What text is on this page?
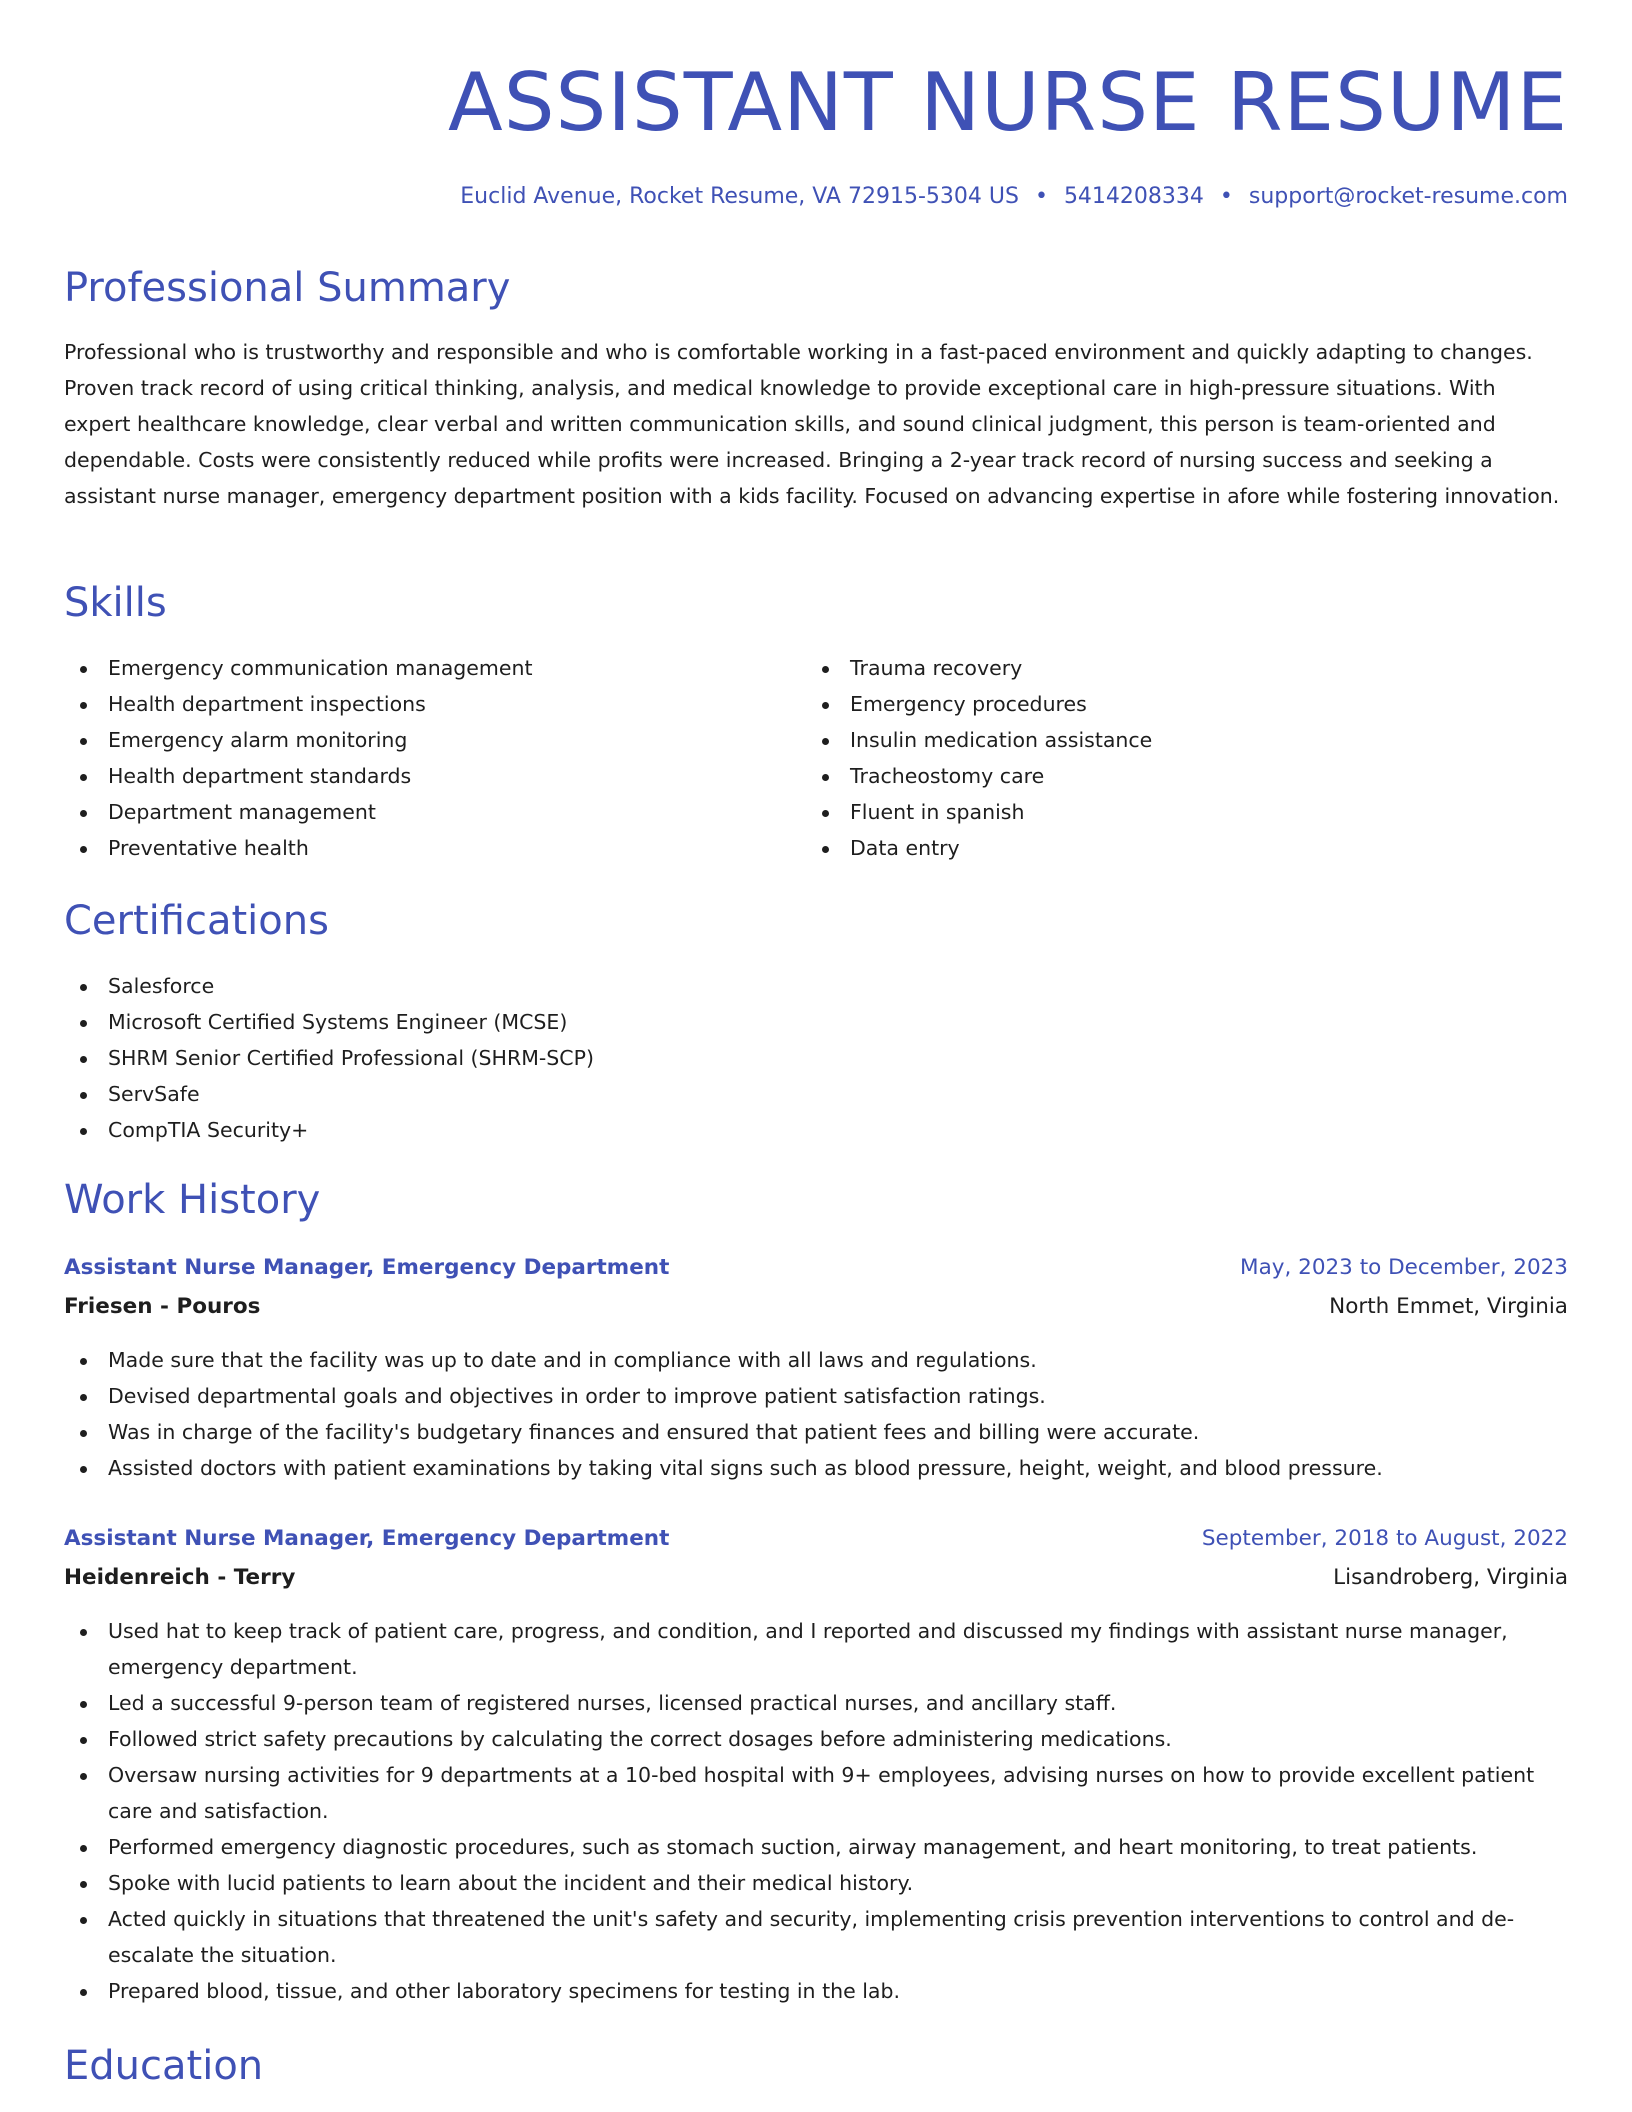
ASSISTANT NURSE RESUME
Euclid Avenue, Rocket Resume, VA 72915-5304 US • 5414208334 • support@rocket-resume.com
Professional Summary
Professional who is trustworthy and responsible and who is comfortable working in a fast-paced environment and quickly adapting to changes. Proven track record of using critical thinking, analysis, and medical knowledge to provide exceptional care in high-pressure situations. With expert healthcare knowledge, clear verbal and written communication skills, and sound clinical judgment, this person is team-oriented and dependable. Costs were consistently reduced while profits were increased. Bringing a 2-year track record of nursing success and seeking a assistant nurse manager, emergency department position with a kids facility. Focused on advancing expertise in afore while fostering innovation.
Skills
Emergency communication management
Health department inspections
Emergency alarm monitoring
Health department standards
Department management
Preventative health
Trauma recovery
Emergency procedures
Insulin medication assistance
Tracheostomy care
Fluent in spanish
Data entry
Certifications
Salesforce
Microsoft Certified Systems Engineer (MCSE)
SHRM Senior Certified Professional (SHRM-SCP)
ServSafe
CompTIA Security+
Work History
Assistant Nurse Manager, Emergency Department	May, 2023 to December, 2023
Friesen - Pouros	North Emmet, Virginia
Made sure that the facility was up to date and in compliance with all laws and regulations.
Devised departmental goals and objectives in order to improve patient satisfaction ratings.
Was in charge of the facility's budgetary finances and ensured that patient fees and billing were accurate.
Assisted doctors with patient examinations by taking vital signs such as blood pressure, height, weight, and blood pressure.
Assistant Nurse Manager, Emergency Department	September, 2018 to August, 2022
Heidenreich - Terry	Lisandroberg, Virginia
Used hat to keep track of patient care, progress, and condition, and I reported and discussed my findings with assistant nurse manager, emergency department.
Led a successful 9-person team of registered nurses, licensed practical nurses, and ancillary staff.
Followed strict safety precautions by calculating the correct dosages before administering medications.
Oversaw nursing activities for 9 departments at a 10-bed hospital with 9+ employees, advising nurses on how to provide excellent patient care and satisfaction.
Performed emergency diagnostic procedures, such as stomach suction, airway management, and heart monitoring, to treat patients.
Spoke with lucid patients to learn about the incident and their medical history.
Acted quickly in situations that threatened the unit's safety and security, implementing crisis prevention interventions to control and de-escalate the situation.
Prepared blood, tissue, and other laboratory specimens for testing in the lab.
Education
